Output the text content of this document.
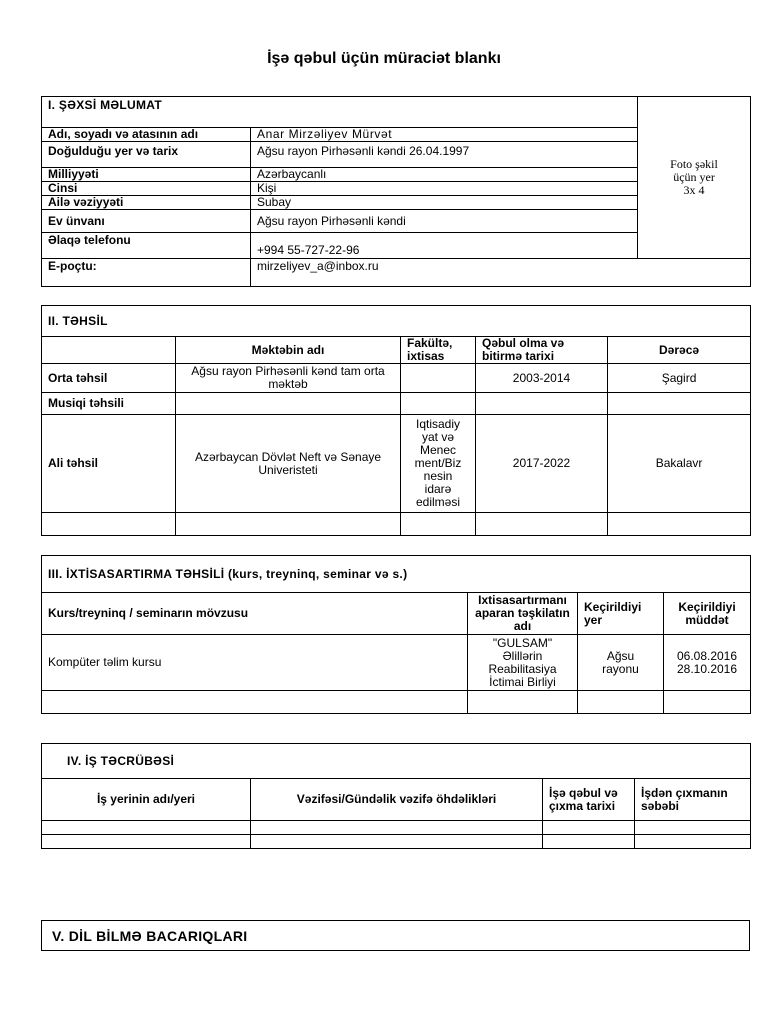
İşə qəbul üçün müraciət blankı
I. ŞƏXSİ MƏLUMAT		Foto şəkil
üçün yer
3x 4

Adı, soyadı və atasının adı	Anar Mirzəliyev Mürvət	
Doğulduğu yer və tarix	Ağsu rayon Pirhəsənli kəndi 26.04.1997	
Milliyyəti	Azərbaycanlı	
Cinsi	Kişi	
Ailə vəziyyəti	Subay	
Ev ünvanı	Ağsu rayon Pirhəsənli kəndi	
Əlaqə telefonu	+994 55-727-22-96	
E-poçtu:	mirzeliyev_a@inbox.ru	
II. TƏHSİL				
	Məktəbin adı	Fakültə, ixtisas	Qəbul olma və bitirmə tarixi	Dərəcə
Orta təhsil	Ağsu rayon Pirhəsənli kənd tam orta məktəb		2003-2014	Şagird
Musiqi təhsili				
Ali təhsil	Azərbaycan Dövlət Neft və Sənaye Univeristeti	Iqtisadiy yat və Menec ment/Biz nesin idarə edilməsi	2017-2022	Bakalavr

III. İXTİSASARTIRMA TƏHSİLİ (kurs, treyninq, seminar və s.)			
Kurs/treyninq / seminarın mövzusu	Ixtisasartırmanı aparan təşkilatın adı	Keçirildiyi yer	Keçirildiyi müddət
Kompüter təlim kursu	"GULSAM" Əlillərin Reabilitasiya İctimai Birliyi	Ağsu rayonu	06.08.2016
28.10.2016

IV. İŞ TƏCRÜBƏSİ			
İş yerinin adı/yeri	Vəzifəsi/Gündəlik vəzifə öhdəlikləri	İşə qəbul və çıxma tarixi	İşdən çıxmanın səbəbi

V. DİL BİLMƏ BACARIQLARI
